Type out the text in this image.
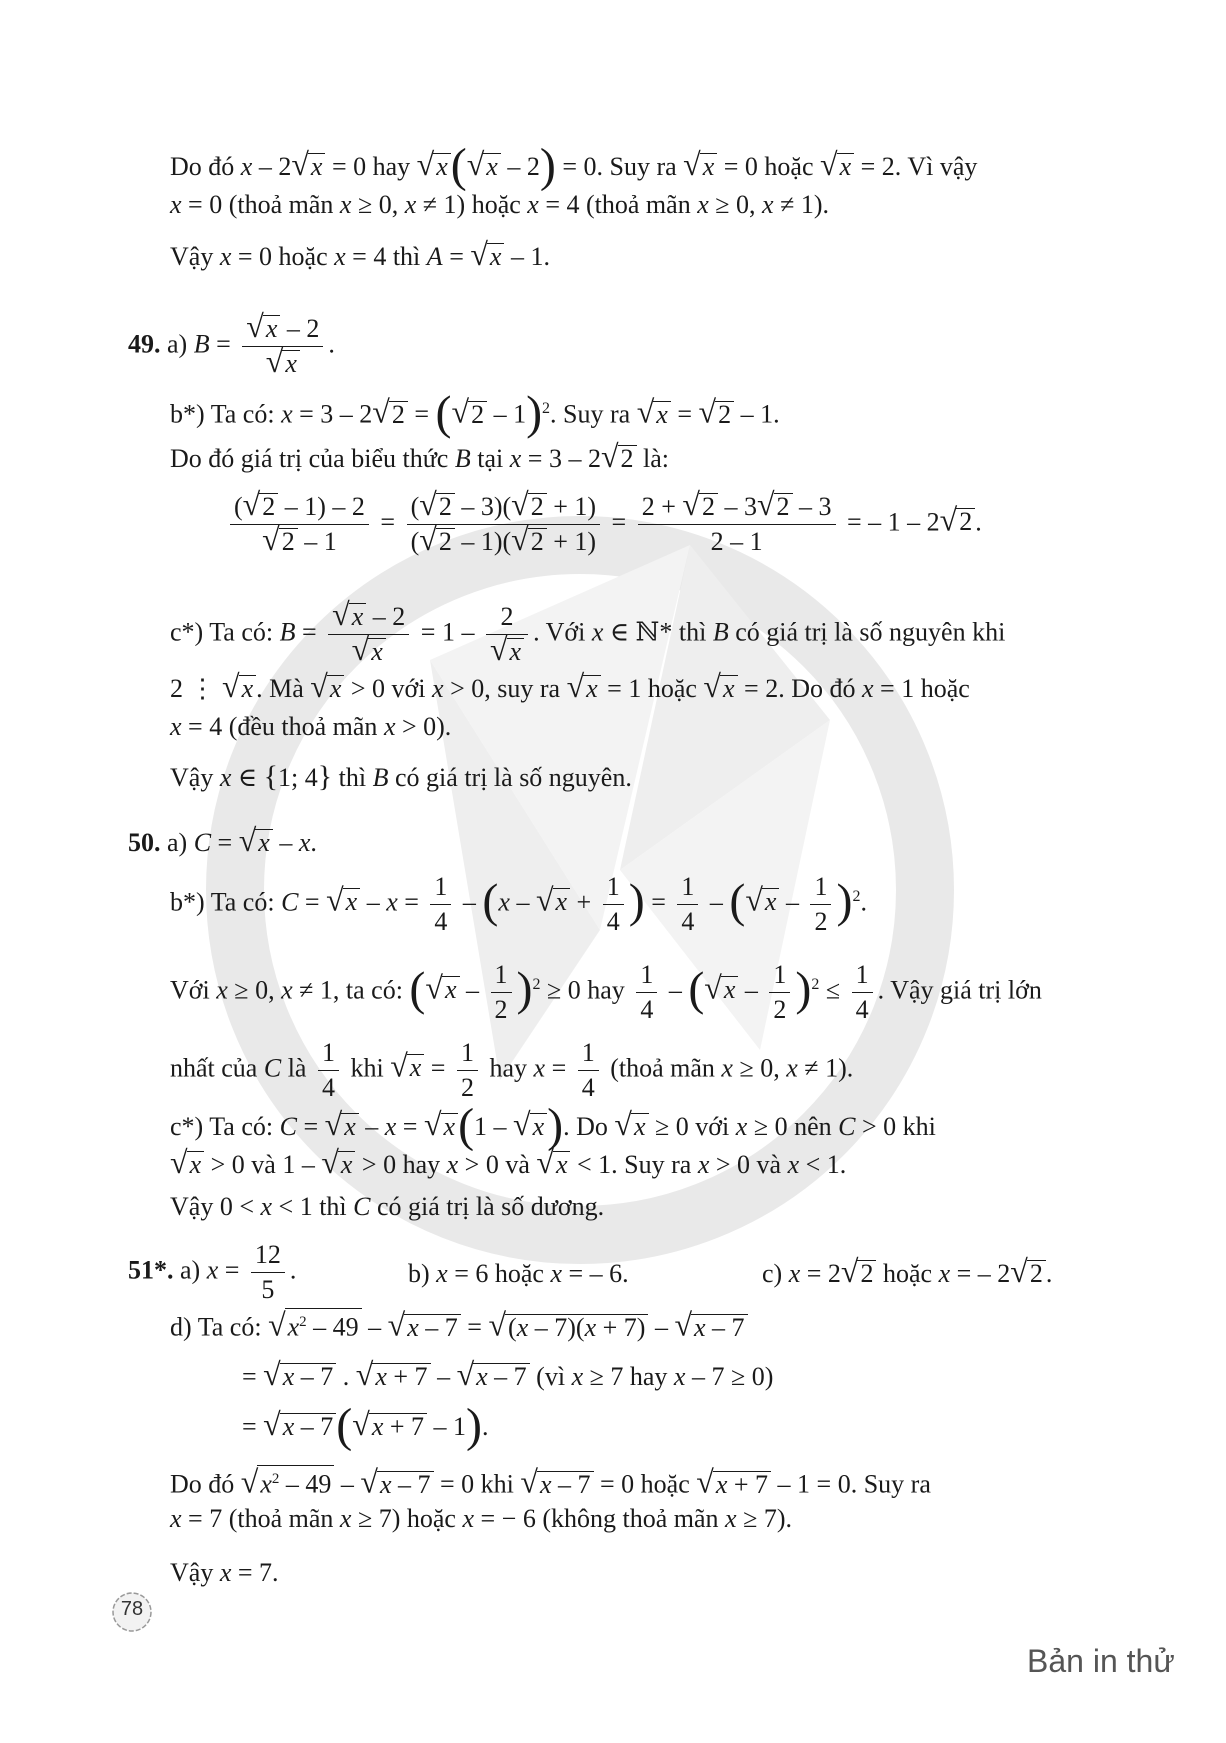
Do đó x – 2√x = 0 hay √x(√x – 2) = 0. Suy ra √x = 0 hoặc √x = 2. Vì vậy
x = 0 (thoả mãn x ≥ 0, x ≠ 1) hoặc x = 4 (thoả mãn x ≥ 0, x ≠ 1).
Vậy x = 0 hoặc x = 4 thì A = √x – 1.
49. a) $B = \frac{√x - 2}{√x}$ .
b*) Ta có: x = 3 – 2√2 = (√2 – 1)$^2$. Suy ra √x = √2 – 1.
Do đó giá trị của biểu thức B tại x = 3 – 2√2 là:
$\frac{(√2 - 1) - 2}{√2 - 1} = \frac{(√2 - 3)(√2 + 1)}{(√2 - 1)(√2 + 1)} = \frac{2 + √2 - 3√2 - 3}{2 - 1}$ = – 1 – 2√2 .
c*) Ta có: $B = \frac{√x - 2}{√x} = 1 - \frac{2}{√x}$ . Với x ∈ ℕ* thì B có giá trị là số nguyên khi
2 ⋮ √x . Mà √x > 0 với x > 0, suy ra √x = 1 hoặc √x = 2. Do đó x = 1 hoặc
x = 4 (đều thoả mãn x > 0).
Vậy x ∈ {1; 4} thì B có giá trị là số nguyên.
50. a) C = √x – x.
b*) Ta có: $C = √x - x = \frac{1}{4} - (x - √x + \frac{1}{4}$ ) = $\frac{1}{4} - (√x - \frac{1}{2} )^2$.
Với x ≥ 0, x ≠ 1, ta có: $(√x - \frac{1}{2} )^2 \ge 0$ hay $\frac{1}{4} - (√x - \frac{1}{2} )^2 \le \frac{1}{4}$ . Vậy giá trị lớn
nhất của C là $\frac{1}{4}$ khi $√x = \frac{1}{2}$ hay $x = \frac{1}{4}$ (thoả mãn x ≥ 0, x ≠ 1).
c*) Ta có: C = √x – x = √x(1 – √x). Do √x ≥ 0 với x ≥ 0 nên C > 0 khi
√x > 0 và 1 – √x > 0 hay x > 0 và √x < 1. Suy ra x > 0 và x < 1.
Vậy 0 < x < 1 thì C có giá trị là số dương.
51*. a) $x = \frac{12}{5}$ .	b) x = 6 hoặc x = – 6.	c) x = 2√2 hoặc x = – 2√2 .
d) Ta có: $√x^2 - 49 - √x - 7 = √(x - 7)(x + 7) - √x - 7$
= √x – 7 . √x + 7 – √x – 7 (vì x ≥ 7 hay x – 7 ≥ 0)
= √x – 7(√x + 7 – 1).
Do đó $√x^2 - 49 - √x - 7 = 0$ khi √x – 7 = 0 hoặc √x + 7 – 1 = 0. Suy ra
x = 7 (thoả mãn x ≥ 7) hoặc x = − 6 (không thoả mãn x ≥ 7).
Vậy x = 7.
78
Bản in thử
